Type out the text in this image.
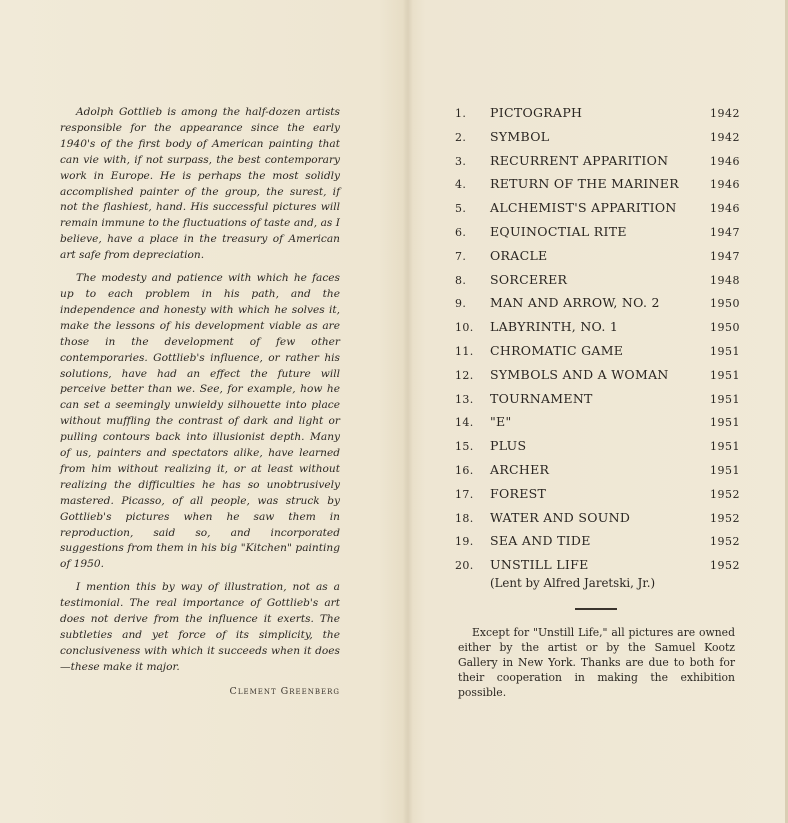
Adolph Gottlieb is among the half-dozen artists responsible for the appearance since the early 1940's of the first body of American painting that can vie with, if not surpass, the best contemporary work in Europe. He is perhaps the most solidly accomplished painter of the group, the surest, if not the flashiest, hand. His successful pictures will remain immune to the fluctuations of taste and, as I believe, have a place in the treasury of American art safe from depreciation.

The modesty and patience with which he faces up to each problem in his path, and the independence and honesty with which he solves it, make the lessons of his development viable as are those in the development of few other contemporaries. Gottlieb's influence, or rather his solutions, have had an effect the future will perceive better than we. See, for example, how he can set a seemingly unwieldy silhouette into place without muffling the contrast of dark and light or pulling contours back into illusionist depth. Many of us, painters and spectators alike, have learned from him without realizing it, or at least without realizing the difficulties he has so unobtrusively mastered. Picasso, of all people, was struck by Gottlieb's pictures when he saw them in reproduction, said so, and incorporated suggestions from them in his big "Kitchen" painting of 1950.

I mention this by way of illustration, not as a testimonial. The real importance of Gottlieb's art does not derive from the influence it exerts. The subtleties and yet force of its simplicity, the conclusiveness with which it succeeds when it does—these make it major.

Clement Greenberg
1.	PICTOGRAPH	1942
2.	SYMBOL	1942
3.	RECURRENT APPARITION	1946
4.	RETURN OF THE MARINER	1946
5.	ALCHEMIST'S APPARITION	1946
6.	EQUINOCTIAL RITE	1947
7.	ORACLE	1947
8.	SORCERER	1948
9.	MAN AND ARROW, NO. 2	1950
10.	LABYRINTH, NO. 1	1950
11.	CHROMATIC GAME	1951
12.	SYMBOLS AND A WOMAN	1951
13.	TOURNAMENT	1951
14.	"E"	1951
15.	PLUS	1951
16.	ARCHER	1951
17.	FOREST	1952
18.	WATER AND SOUND	1952
19.	SEA AND TIDE	1952
20.	UNSTILL LIFE	1952
(Lent by Alfred Jaretski, Jr.)
Except for "Unstill Life," all pictures are owned either by the artist or by the Samuel Kootz Gallery in New York. Thanks are due to both for their cooperation in making the exhibition possible.
